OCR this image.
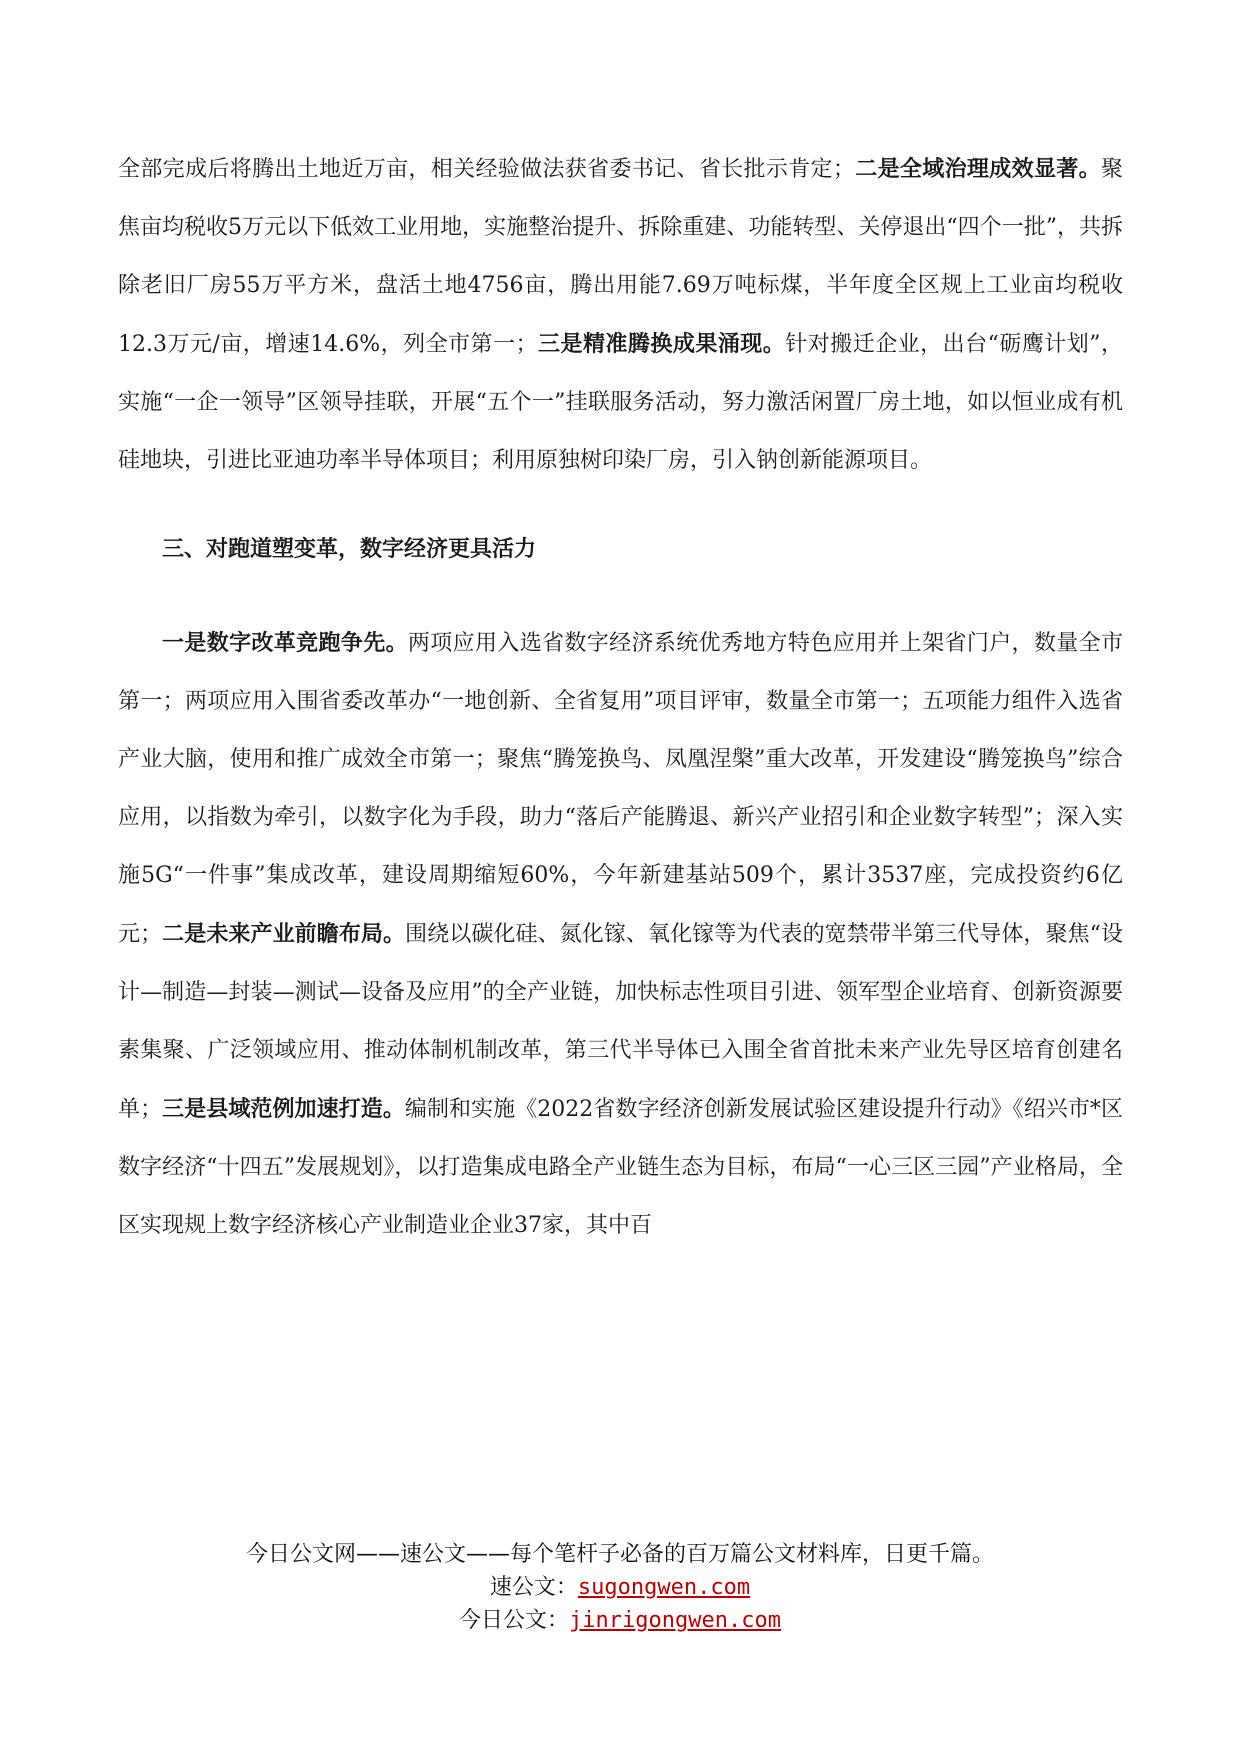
全部完成后将腾出土地近万亩，相关经验做法获省委书记、省长批示肯定；二是全域治理成效显著。聚焦亩均税收5万元以下低效工业用地，实施整治提升、拆除重建、功能转型、关停退出“四个一批”，共拆除老旧厂房55万平方米，盘活土地4756亩，腾出用能7.69万吨标煤，半年度全区规上工业亩均税收12.3万元/亩，增速14.6%，列全市第一；三是精准腾换成果涌现。针对搬迁企业，出台“砺鹰计划”，实施“一企一领导”区领导挂联，开展“五个一”挂联服务活动，努力激活闲置厂房土地，如以恒业成有机硅地块，引进比亚迪功率半导体项目；利用原独树印染厂房，引入钠创新能源项目。

三、对跑道塑变革，数字经济更具活力

一是数字改革竞跑争先。两项应用入选省数字经济系统优秀地方特色应用并上架省门户，数量全市第一；两项应用入围省委改革办“一地创新、全省复用”项目评审，数量全市第一；五项能力组件入选省产业大脑，使用和推广成效全市第一；聚焦“腾笼换鸟、凤凰涅槃”重大改革，开发建设“腾笼换鸟”综合应用，以指数为牵引，以数字化为手段，助力“落后产能腾退、新兴产业招引和企业数字转型”；深入实施5G“一件事”集成改革，建设周期缩短60%，今年新建基站509个，累计3537座，完成投资约6亿元；二是未来产业前瞻布局。围绕以碳化硅、氮化镓、氧化镓等为代表的宽禁带半第三代导体，聚焦“设计—制造—封装—测试—设备及应用”的全产业链，加快标志性项目引进、领军型企业培育、创新资源要素集聚、广泛领域应用、推动体制机制改革，第三代半导体已入围全省首批未来产业先导区培育创建名单；三是县域范例加速打造。编制和实施《2022省数字经济创新发展试验区建设提升行动》《绍兴市*区数字经济“十四五”发展规划》，以打造集成电路全产业链生态为目标，布局“一心三区三园”产业格局，全区实现规上数字经济核心产业制造业企业37家，其中百

今日公文网——速公文——每个笔杆子必备的百万篇公文材料库，日更千篇。
速公文：sugongwen.com
今日公文：jinrigongwen.com
